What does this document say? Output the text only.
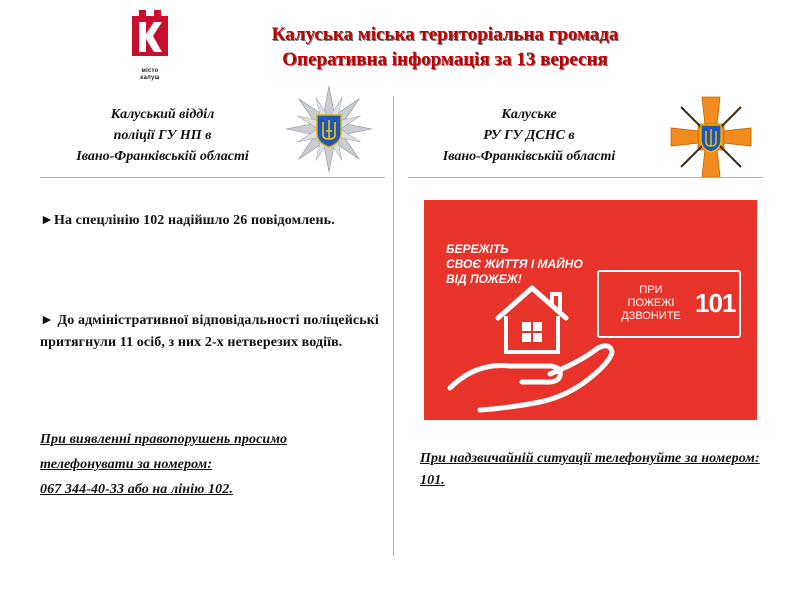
місто
калуш
Калуська міська територіальна громада
Оперативна інформація за 13 вересня
Калуський відділ
поліції ГУ НП в
Івано-Франківській області
Калуське
РУ ГУ ДСНС в
Івано-Франківській області
►На спецлінію 102 надійшло 26 повідомлень.
► До адміністративної відповідальності поліцейські притягнули 11 осіб, з них 2-х нетверезих водіїв.
При виявленні правопорушень просимо
телефонувати за номером:
067 344-40-33 або на лінію 102.
БЕРЕЖІТЬ
СВОЄ ЖИТТЯ І МАЙНО
ВІД ПОЖЕЖ!
ПРИ
ПОЖЕЖІ
ДЗВОНИТЕ 101
При надзвичайній ситуації телефонуйте за номером: 101.
